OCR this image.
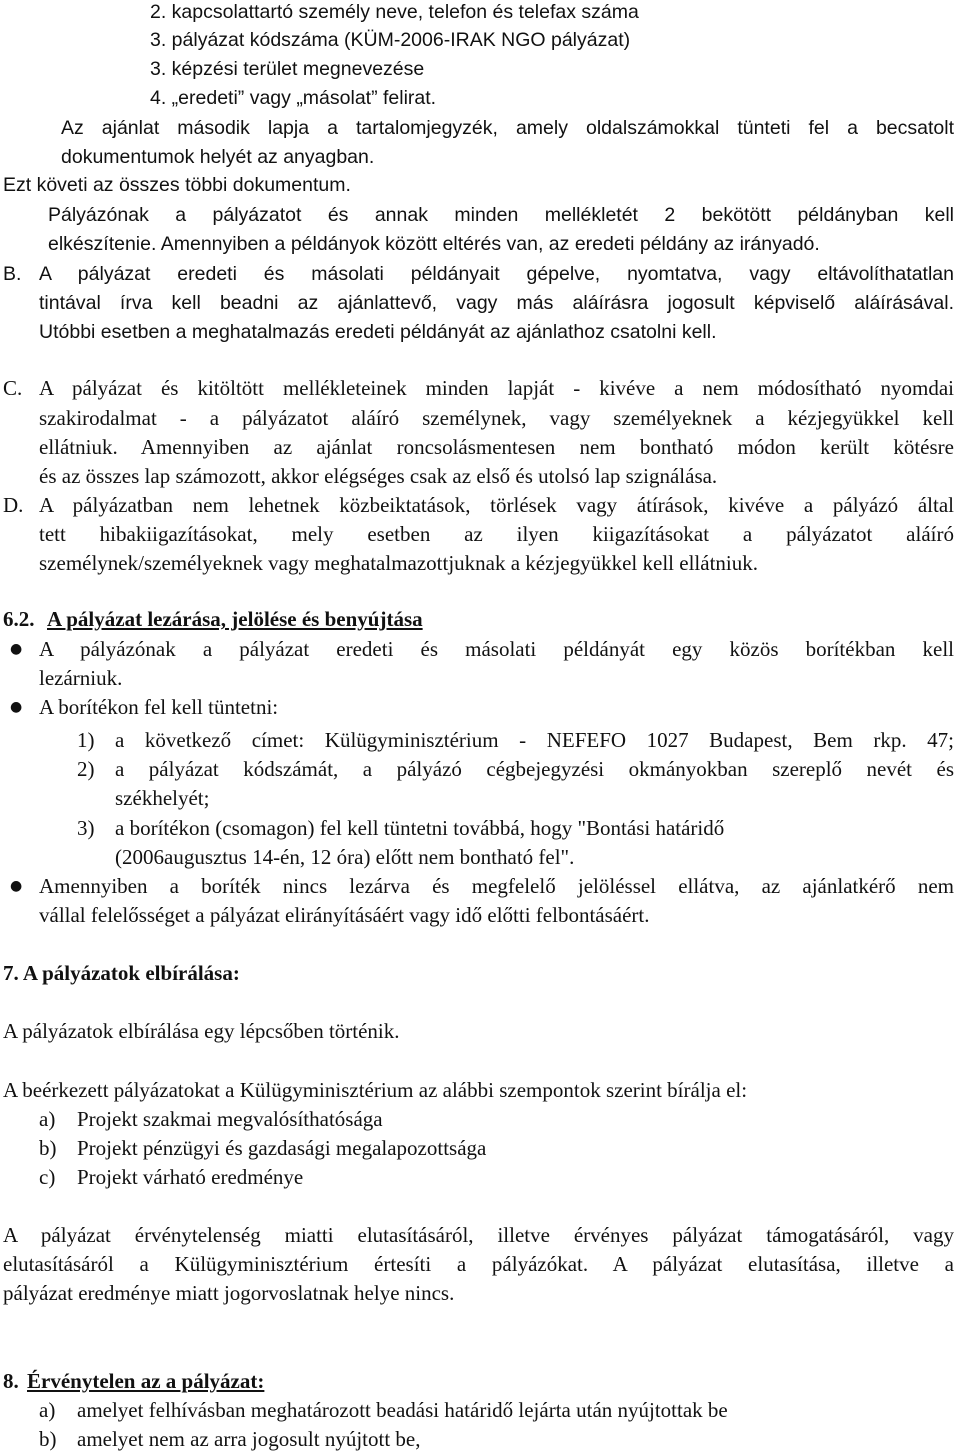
2. kapcsolattartó személy neve, telefon és telefax száma
3. pályázat kódszáma (KÜM-2006-IRAK NGO pályázat)
3. képzési terület megnevezése
4. „eredeti” vagy „másolat” felirat.
Az ajánlat második lapja a tartalomjegyzék, amely oldalszámokkal tünteti fel a becsatolt
dokumentumok helyét az anyagban.
Ezt követi az összes többi dokumentum.
Pályázónak a pályázatot és annak minden mellékletét 2 bekötött példányban kell
elkészítenie. Amennyiben a példányok között eltérés van, az eredeti példány az irányadó.
B. A pályázat eredeti és másolati példányait gépelve, nyomtatva, vagy eltávolíthatatlan
tintával írva kell beadni az ajánlattevő, vagy más aláírásra jogosult képviselő aláírásával.
Utóbbi esetben a meghatalmazás eredeti példányát az ajánlathoz csatolni kell.
C. A pályázat és kitöltött mellékleteinek minden lapját - kivéve a nem módosítható nyomdai
szakirodalmat - a pályázatot aláíró személynek, vagy személyeknek a kézjegyükkel kell
ellátniuk. Amennyiben az ajánlat roncsolásmentesen nem bontható módon került kötésre
és az összes lap számozott, akkor elégséges csak az első és utolsó lap szignálása.
D. A pályázatban nem lehetnek közbeiktatások, törlések vagy átírások, kivéve a pályázó által
tett hibakiigazításokat, mely esetben az ilyen kiigazításokat a pályázatot aláíró
személynek/személyeknek vagy meghatalmazottjuknak a kézjegyükkel kell ellátniuk.
6.2. A pályázat lezárása, jelölése és benyújtása
● A pályázónak a pályázat eredeti és másolati példányát egy közös borítékban kell
lezárniuk.
● A borítékon fel kell tüntetni:
1) a következő címet: Külügyminisztérium - NEFEFO 1027 Budapest, Bem rkp. 47;
2) a pályázat kódszámát, a pályázó cégbejegyzési okmányokban szereplő nevét és
székhelyét;
3) a borítékon (csomagon) fel kell tüntetni továbbá, hogy "Bontási határidő
(2006augusztus 14-én, 12 óra) előtt nem bontható fel".
● Amennyiben a boríték nincs lezárva és megfelelő jelöléssel ellátva, az ajánlatkérő nem
vállal felelősséget a pályázat elirányításáért vagy idő előtti felbontásáért.
7. A pályázatok elbírálása:
A pályázatok elbírálása egy lépcsőben történik.
A beérkezett pályázatokat a Külügyminisztérium az alábbi szempontok szerint bírálja el:
a) Projekt szakmai megvalósíthatósága
b) Projekt pénzügyi és gazdasági megalapozottsága
c) Projekt várható eredménye
A pályázat érvénytelenség miatti elutasításáról, illetve érvényes pályázat támogatásáról, vagy
elutasításáról a Külügyminisztérium értesíti a pályázókat. A pályázat elutasítása, illetve a
pályázat eredménye miatt jogorvoslatnak helye nincs.
8. Érvénytelen az a pályázat:
a) amelyet felhívásban meghatározott beadási határidő lejárta után nyújtottak be
b) amelyet nem az arra jogosult nyújtott be,
